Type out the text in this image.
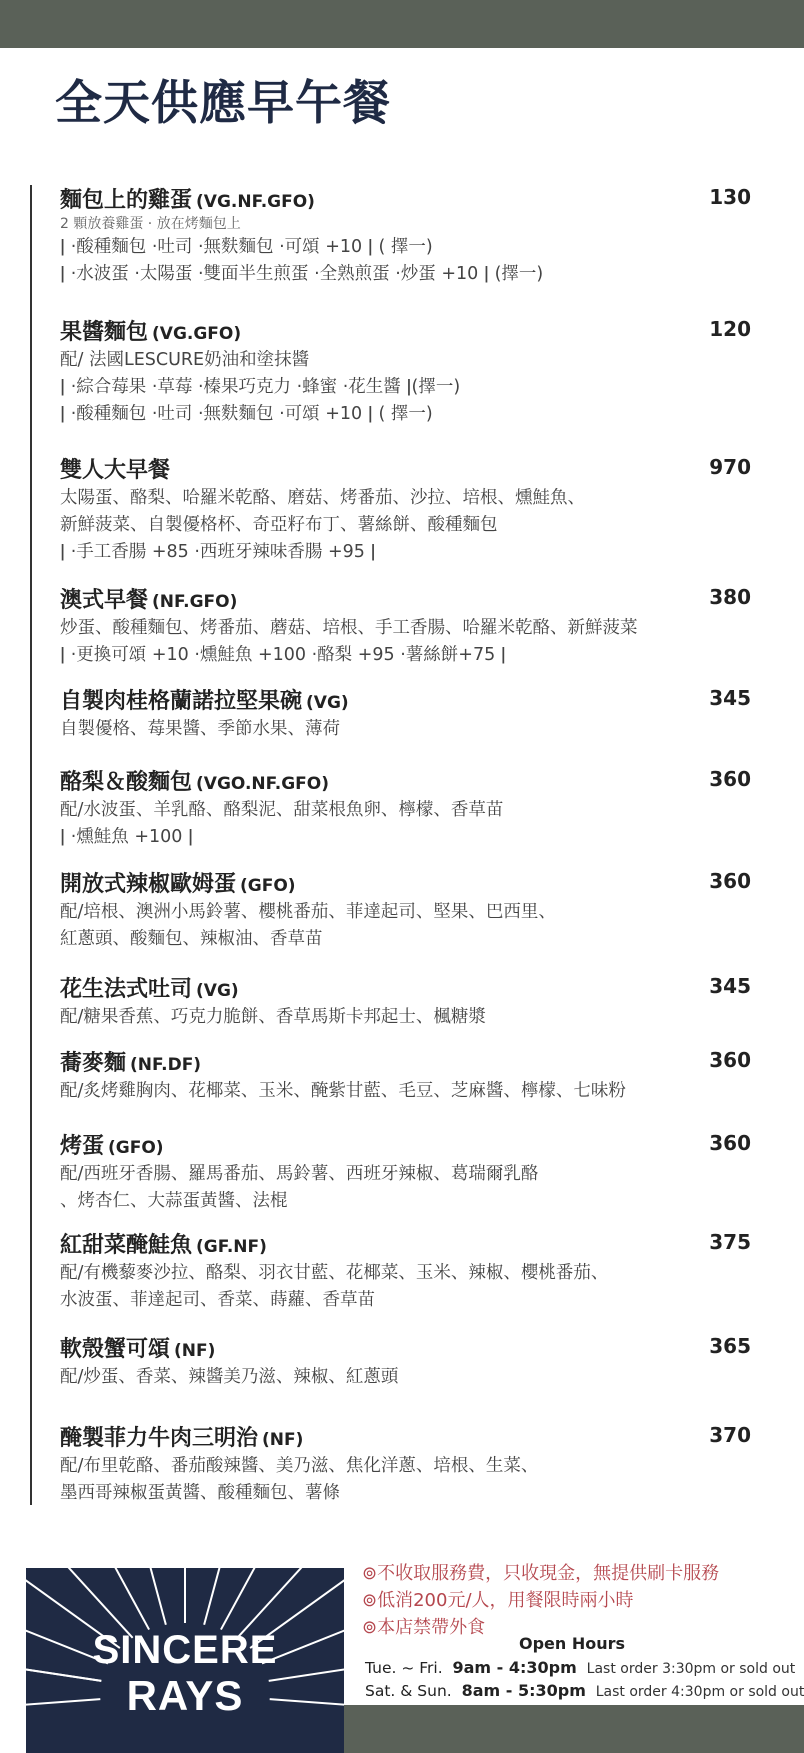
全天供應早午餐
麵包上的雞蛋 (VG.NF.GFO)	130
2 顆放養雞蛋 · 放在烤麵包上
ǀ ·酸種麵包 ·吐司 ·無麩麵包 ·可頌 +10 ǀ ( 擇一)
ǀ ·水波蛋 ·太陽蛋 ·雙面半生煎蛋 ·全熟煎蛋 ·炒蛋 +10 ǀ (擇一)
果醬麵包 (VG.GFO)	120
配/ 法國LESCURE奶油和塗抹醬
ǀ ·綜合莓果 ·草莓 ·榛果巧克力 ·蜂蜜 ·花生醬 ǀ(擇一)
ǀ ·酸種麵包 ·吐司 ·無麩麵包 ·可頌 +10 ǀ ( 擇一)
雙人大早餐	970
太陽蛋、酪梨、哈羅米乾酪、磨菇、烤番茄、沙拉、培根、燻鮭魚、
新鮮菠菜、自製優格杯、奇亞籽布丁、薯絲餅、酸種麵包
ǀ ·手工香腸 +85 ·西班牙辣味香腸 +95 ǀ
澳式早餐 (NF.GFO)	380
炒蛋、酸種麵包、烤番茄、蘑菇、培根、手工香腸、哈羅米乾酪、新鮮菠菜
ǀ ·更換可頌 +10 ·燻鮭魚 +100 ·酪梨 +95 ·薯絲餅+75 ǀ
自製肉桂格蘭諾拉堅果碗 (VG)	345
自製優格、莓果醬、季節水果、薄荷
酪梨＆酸麵包 (VGO.NF.GFO)	360
配/水波蛋、羊乳酪、酪梨泥、甜菜根魚卵、檸檬、香草苗
ǀ ·燻鮭魚 +100 ǀ
開放式辣椒歐姆蛋 (GFO)	360
配/培根、澳洲小馬鈴薯、櫻桃番茄、菲達起司、堅果、巴西里、
紅蔥頭、酸麵包、辣椒油、香草苗
花生法式吐司 (VG)	345
配/糖果香蕉、巧克力脆餅、香草馬斯卡邦起士、楓糖漿
蕎麥麵 (NF.DF)	360
配/炙烤雞胸肉、花椰菜、玉米、醃紫甘藍、毛豆、芝麻醬、檸檬、七味粉
烤蛋 (GFO)	360
配/西班牙香腸、羅馬番茄、馬鈴薯、西班牙辣椒、葛瑞爾乳酪
、烤杏仁、大蒜蛋黃醬、法棍
紅甜菜醃鮭魚 (GF.NF)	375
配/有機藜麥沙拉、酪梨、羽衣甘藍、花椰菜、玉米、辣椒、櫻桃番茄、
水波蛋、菲達起司、香菜、蒔蘿、香草苗
軟殼蟹可頌 (NF)	365
配/炒蛋、香菜、辣醬美乃滋、辣椒、紅蔥頭
醃製菲力牛肉三明治 (NF)	370
配/布里乾酪、番茄酸辣醬、美乃滋、焦化洋蔥、培根、生菜、
墨西哥辣椒蛋黃醬、酸種麵包、薯條
SINCERE
RAYS
⊚不收取服務費，只收現金，無提供刷卡服務
⊚低消200元/人，用餐限時兩小時
⊚本店禁帶外食
Open Hours
Tue. ~ Fri. 9am - 4:30pm Last order 3:30pm or sold out
Sat. & Sun. 8am - 5:30pm Last order 4:30pm or sold out
